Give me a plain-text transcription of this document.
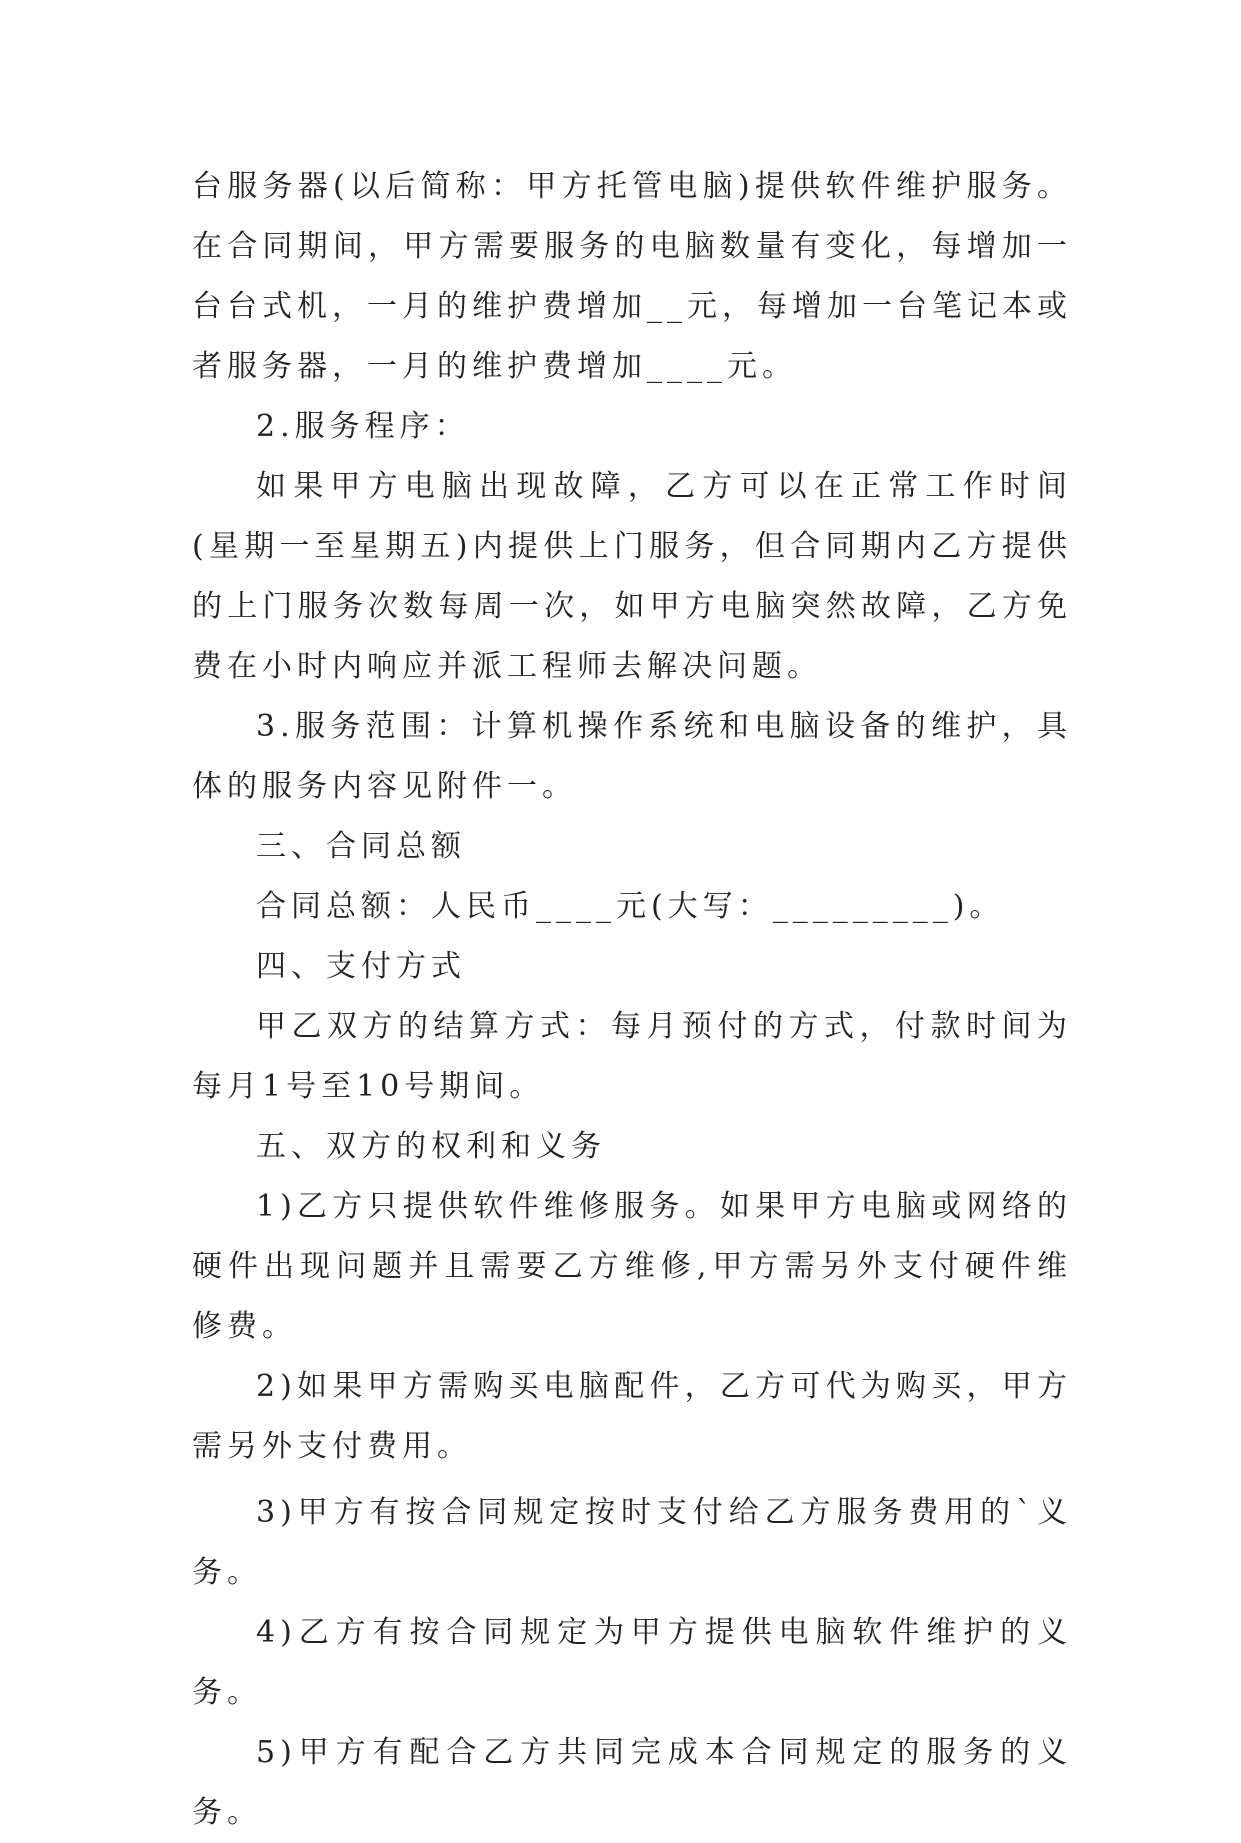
台服务器(以后简称：甲方托管电脑)提供软件维护服务。在合同期间，甲方需要服务的电脑数量有变化，每增加一台台式机，一月的维护费增加__元，每增加一台笔记本或者服务器，一月的维护费增加____元。

2.服务程序：

如果甲方电脑出现故障，乙方可以在正常工作时间(星期一至星期五)内提供上门服务，但合同期内乙方提供的上门服务次数每周一次，如甲方电脑突然故障，乙方免费在小时内响应并派工程师去解决问题。

3.服务范围：计算机操作系统和电脑设备的维护，具体的服务内容见附件一。

三、合同总额

合同总额：人民币____元(大写：_________)。

四、支付方式

甲乙双方的结算方式：每月预付的方式，付款时间为每月1号至10号期间。

五、双方的权利和义务

1)乙方只提供软件维修服务。如果甲方电脑或网络的硬件出现问题并且需要乙方维修,甲方需另外支付硬件维修费。

2)如果甲方需购买电脑配件，乙方可代为购买，甲方需另外支付费用。

3)甲方有按合同规定按时支付给乙方服务费用的`义务。

4)乙方有按合同规定为甲方提供电脑软件维护的义务。

5)甲方有配合乙方共同完成本合同规定的服务的义务。
